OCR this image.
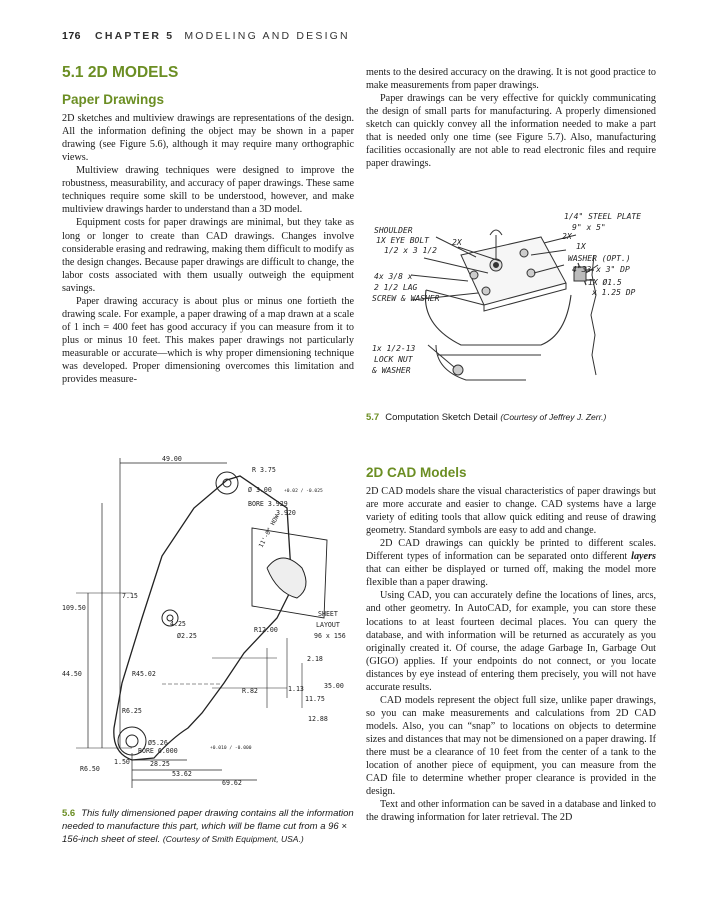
176 CHAPTER 5 MODELING AND DESIGN
5.1 2D MODELS
Paper Drawings

2D sketches and multiview drawings are representations of the design. All the information defining the object may be shown in a paper drawing (see Figure 5.6), although it may require many orthographic views.

Multiview drawing techniques were designed to improve the robustness, measurability, and accuracy of paper drawings. These same techniques require some skill to be understood, however, and make multiview drawings harder to understand than a 3D model.

Equipment costs for paper drawings are minimal, but they take as long or longer to create than CAD drawings. Changes involve considerable erasing and redrawing, making them difficult to modify as the design changes. Because paper drawings are difficult to change, the labor costs associated with them usually outweigh the equipment savings.

Paper drawing accuracy is about plus or minus one fortieth the drawing scale. For example, a paper drawing of a map drawn at a scale of 1 inch = 400 feet has good accuracy if you can measure from it to plus or minus 10 feet. This makes paper drawings not particularly measurable or accurate—which is why proper dimensioning technique was developed. Proper dimensioning overcomes this limitation and provides measure-

ments to the desired accuracy on the drawing. It is not good practice to make measurements from paper drawings.

Paper drawings can be very effective for quickly communicating the design of small parts for manufacturing. A properly dimensioned sketch can quickly convey all the information needed to make a part that is needed only one time (see Figure 5.7). Also, manufacturing facilities occasionally are not able to read electronic files and require paper drawings.

SHOULDER
1X EYE BOLT
1/2 x 3 1/2
2X
1/4" STEEL PLATE
9" x 5"
1X
WASHER (OPT.)
4"33 x 3" DP
1X Ø1.5
x 1.25 DP
4x 3/8 x
2 1/2 LAG
SCREW & WASHER
1x 1/2-13
LOCK NUT
& WASHER
2X
5.7 Computation Sketch Detail (Courtesy of Jeffrey J. Zerr.)
49.00
R 3.75
Ø 3.00	+0.02 / -0.025
BORE 3.929
3.920
11'-0" HOW
7.15
109.50
4.25
Ø2.25
R12.00
SHEET
LAYOUT
96 x 156
44.50	R45.02
2.18
R.82	1.13	35.00
11.75
12.88
R6.25
Ø5.26
BORE 6.000	+0.010 / -0.000
1.50	28.25
53.62
69.62
R6.50
5.6 This fully dimensioned paper drawing contains all the information needed to manufacture this part, which will be flame cut from a 96 × 156-inch sheet of steel. (Courtesy of Smith Equipment, USA.)
2D CAD Models

2D CAD models share the visual characteristics of paper drawings but are more accurate and easier to change. CAD systems have a large variety of editing tools that allow quick editing and reuse of drawing geometry. Standard symbols are easy to add and change.

2D CAD drawings can quickly be printed to different scales. Different types of information can be separated onto different layers that can either be displayed or turned off, making the model more flexible than a paper drawing.

Using CAD, you can accurately define the locations of lines, arcs, and other geometry. In AutoCAD, for example, you can store these locations to at least fourteen decimal places. You can query the database, and with information will be returned as accurately as you originally created it. Of course, the adage Garbage In, Garbage Out (GIGO) applies. If your endpoints do not connect, or you locate distances by eye instead of entering them precisely, you will not have accurate results.

CAD models represent the object full size, unlike paper drawings, so you can make measurements and calculations from 2D CAD models. Also, you can “snap” to locations on objects to determine sizes and distances that may not be dimensioned on a paper drawing. If there must be a clearance of 10 feet from the center of a tank to the location of another piece of equipment, you can measure from the CAD file to determine whether proper clearance is provided in the design.

Text and other information can be saved in a database and linked to the drawing information for later retrieval. The 2D
